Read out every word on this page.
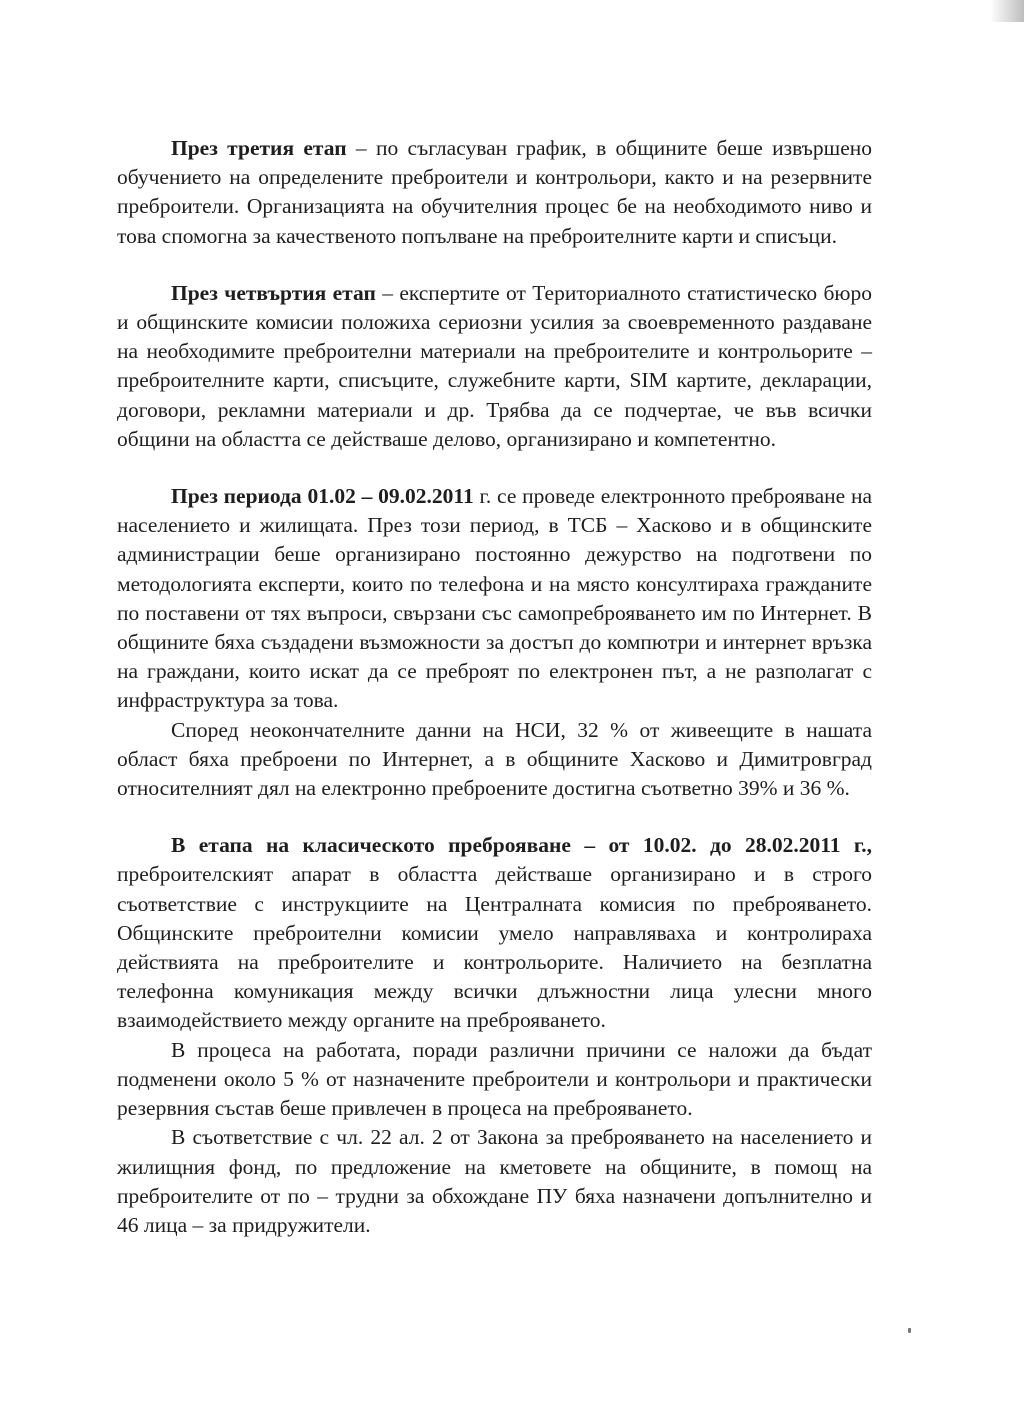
През третия етап – по съгласуван график, в общините беше извършено обучението на определените преброители и контрольори, както и на резервните преброители. Организацията на обучителния процес бе на необходимото ниво и това спомогна за качественото попълване на преброителните карти и списъци.

През четвъртия етап – експертите от Териториалното статистическо бюро и общинските комисии положиха сериозни усилия за своевременното раздаване на необходимите преброителни материали на преброителите и контрольорите – преброителните карти, списъците, служебните карти, SIM картите, декларации, договори, рекламни материали и др. Трябва да се подчертае, че във всички общини на областта се действаше делово, организирано и компетентно.

През периода 01.02 – 09.02.2011 г. се проведе електронното преброяване на населението и жилищата. През този период, в ТСБ – Хасково и в общинските администрации беше организирано постоянно дежурство на подготвени по методологията експерти, които по телефона и на място консултираха гражданите по поставени от тях въпроси, свързани със самопреброяването им по Интернет. В общините бяха създадени възможности за достъп до компютри и интернет връзка на граждани, които искат да се преброят по електронен път, а не разполагат с инфраструктура за това.

Според неокончателните данни на НСИ, 32 % от живеещите в нашата област бяха преброени по Интернет, а в общините Хасково и Димитровград относителният дял на електронно преброените достигна съответно 39% и 36 %.

В етапа на класическото преброяване – от 10.02. до 28.02.2011 г., преброителският апарат в областта действаше организирано и в строго съответствие с инструкциите на Централната комисия по преброяването. Общинските преброителни комисии умело направляваха и контролираха действията на преброителите и контрольорите. Наличието на безплатна телефонна комуникация между всички длъжностни лица улесни много взаимодействието между органите на преброяването.

В процеса на работата, поради различни причини се наложи да бъдат подменени около 5 % от назначените преброители и контрольори и практически резервния състав беше привлечен в процеса на преброяването.

В съответствие с чл. 22 ал. 2 от Закона за преброяването на населението и жилищния фонд, по предложение на кметовете на общините, в помощ на преброителите от по – трудни за обхождане ПУ бяха назначени допълнително и 46 лица – за придружители.
